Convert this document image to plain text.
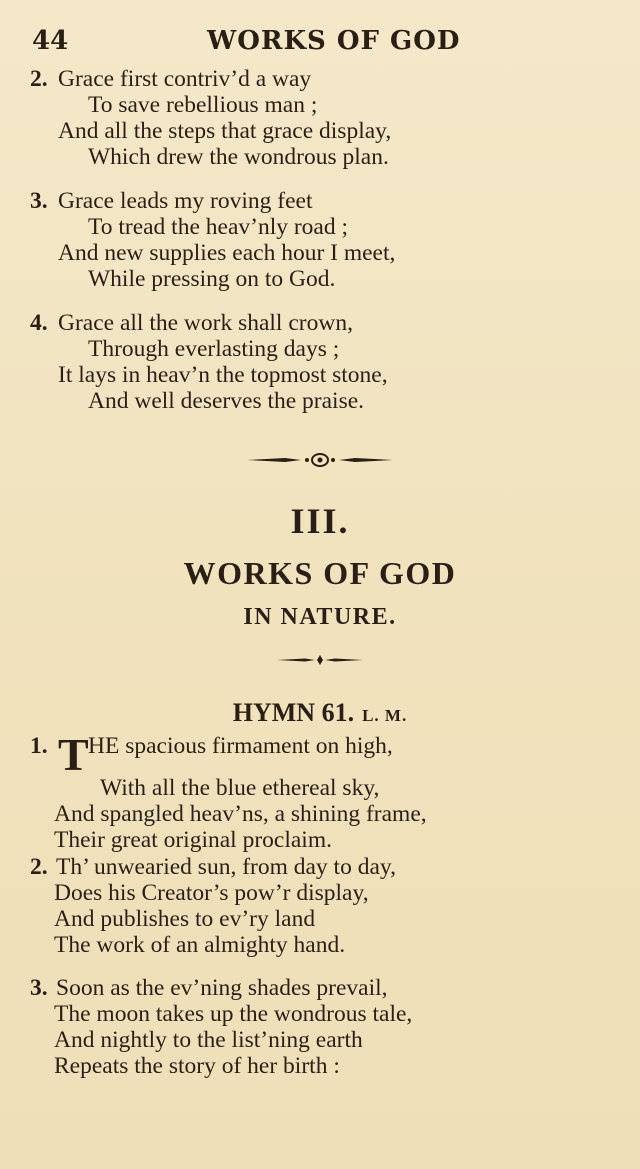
44	WORKS OF GOD
2. Grace first contriv’d a way
To save rebellious man ;
And all the steps that grace display,
Which drew the wondrous plan.
3. Grace leads my roving feet
To tread the heav’nly road ;
And new supplies each hour I meet,
While pressing on to God.
4. Grace all the work shall crown,
Through everlasting days ;
It lays in heav’n the topmost stone,
And well deserves the praise.
III.
WORKS OF GOD
IN NATURE.
HYMN 61. L. M.
1. THE spacious firmament on high,
With all the blue ethereal sky,
And spangled heav’ns, a shining frame,
Their great original proclaim.
2. Th’ unwearied sun, from day to day,
Does his Creator’s pow’r display,
And publishes to ev’ry land
The work of an almighty hand.
3. Soon as the ev’ning shades prevail,
The moon takes up the wondrous tale,
And nightly to the list’ning earth
Repeats the story of her birth :
